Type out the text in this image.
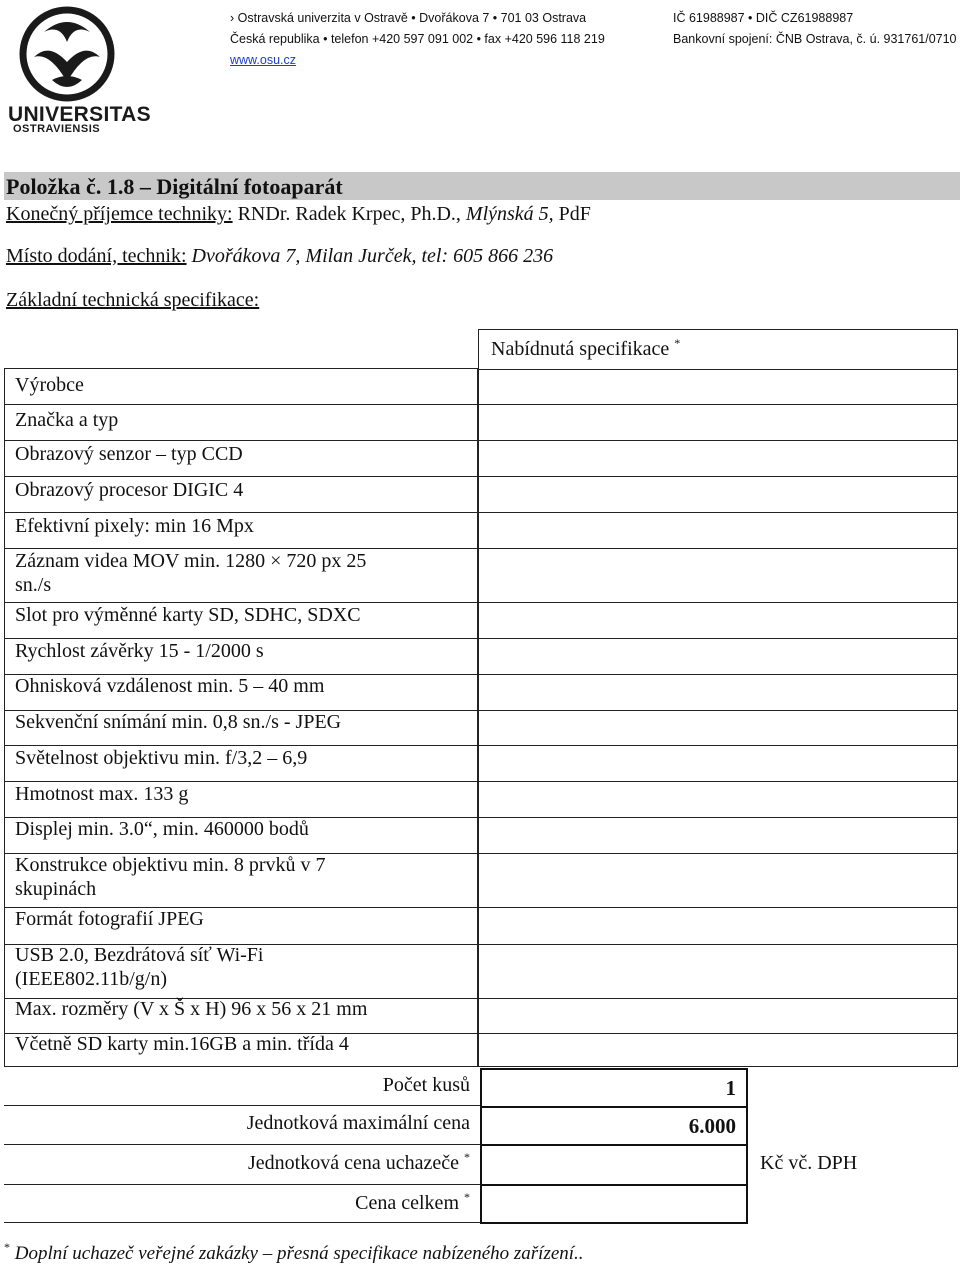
UNIVERSITAS
OSTRAVIENSIS
› Ostravská univerzita v Ostravě • Dvořákova 7 • 701 03 Ostrava
Česká republika • telefon +420 597 091 002 • fax +420 596 118 219
www.osu.cz
IČ 61988987 • DIČ CZ61988987
Bankovní spojení: ČNB Ostrava, č. ú. 931761/0710
Položka č. 1.8 – Digitální fotoaparát
Konečný příjemce techniky: RNDr. Radek Krpec, Ph.D., Mlýnská 5, PdF
Místo dodání, technik: Dvořákova 7, Milan Jurček, tel: 605 866 236
Základní technická specifikace:
Výrobce
Značka a typ
Obrazový senzor – typ CCD
Obrazový procesor DIGIC 4
Efektivní pixely: min 16 Mpx
Záznam videa MOV min. 1280 × 720 px 25
sn./s
Slot pro výměnné karty SD, SDHC, SDXC
Rychlost závěrky 15 - 1/2000 s
Ohnisková vzdálenost min. 5 – 40 mm
Sekvenční snímání min. 0,8 sn./s - JPEG
Světelnost objektivu min. f/3,2 – 6,9
Hmotnost max. 133 g
Displej min. 3.0“, min. 460000 bodů
Konstrukce objektivu min. 8 prvků v 7
skupinách
Formát fotografií JPEG
USB 2.0, Bezdrátová síť Wi-Fi
(IEEE802.11b/g/n)
Max. rozměry (V x Š x H) 96 x 56 x 21 mm
Včetně SD karty min.16GB a min. třída 4
Nabídnutá specifikace *
Počet kusů
Jednotková maximální cena
Jednotková cena uchazeče *
Cena celkem *
1
6.000
Kč vč. DPH
* Doplní uchazeč veřejné zakázky – přesná specifikace nabízeného zařízení..
